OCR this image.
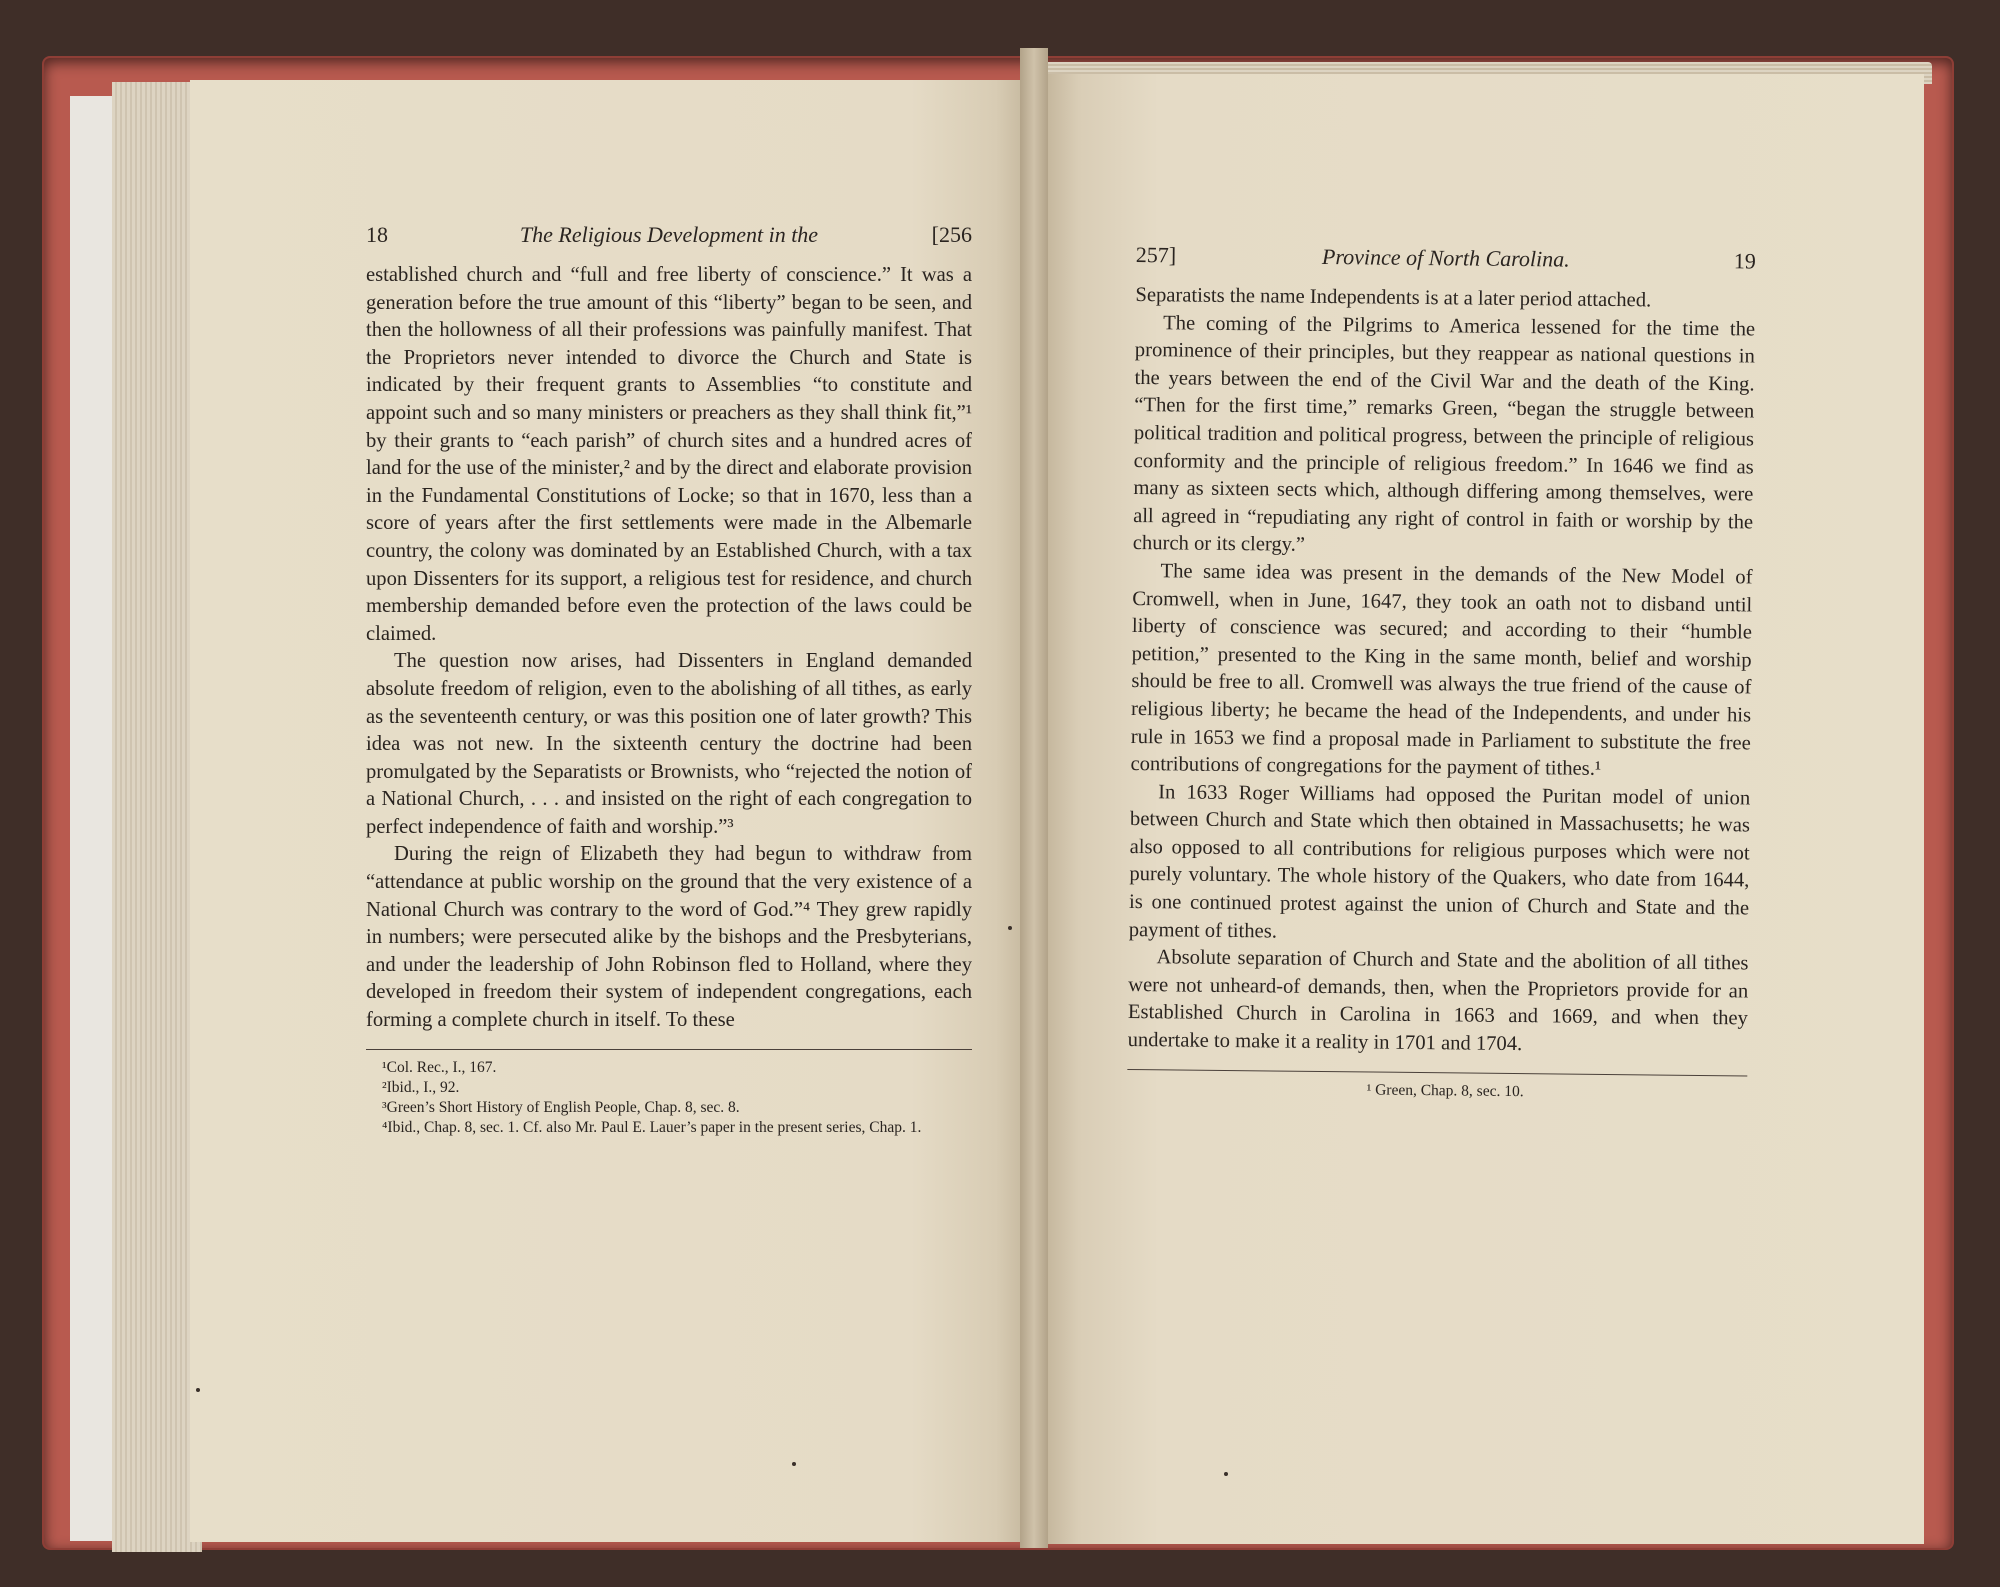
18	The Religious Development in the	[256

established church and “full and free liberty of conscience.” It was a generation before the true amount of this “liberty” began to be seen, and then the hollowness of all their professions was painfully manifest. That the Proprietors never intended to divorce the Church and State is indicated by their frequent grants to Assemblies “to constitute and appoint such and so many ministers or preachers as they shall think fit,”¹ by their grants to “each parish” of church sites and a hundred acres of land for the use of the minister,² and by the direct and elaborate provision in the Fundamental Constitutions of Locke; so that in 1670, less than a score of years after the first settlements were made in the Albemarle country, the colony was dominated by an Established Church, with a tax upon Dissenters for its support, a religious test for residence, and church membership demanded before even the protection of the laws could be claimed.

The question now arises, had Dissenters in England demanded absolute freedom of religion, even to the abolishing of all tithes, as early as the seventeenth century, or was this position one of later growth? This idea was not new. In the sixteenth century the doctrine had been promulgated by the Separatists or Brownists, who “rejected the notion of a National Church, . . . and insisted on the right of each congregation to perfect independence of faith and worship.”³

During the reign of Elizabeth they had begun to withdraw from “attendance at public worship on the ground that the very existence of a National Church was contrary to the word of God.”⁴ They grew rapidly in numbers; were persecuted alike by the bishops and the Presbyterians, and under the leadership of John Robinson fled to Holland, where they developed in freedom their system of independent congregations, each forming a complete church in itself. To these

¹Col. Rec., I., 167.
²Ibid., I., 92.
³Green’s Short History of English People, Chap. 8, sec. 8.
⁴Ibid., Chap. 8, sec. 1. Cf. also Mr. Paul E. Lauer’s paper in the present series, Chap. 1.
257]	Province of North Carolina.	19

Separatists the name Independents is at a later period attached.

The coming of the Pilgrims to America lessened for the time the prominence of their principles, but they reappear as national questions in the years between the end of the Civil War and the death of the King. “Then for the first time,” remarks Green, “began the struggle between political tradition and political progress, between the principle of religious conformity and the principle of religious freedom.” In 1646 we find as many as sixteen sects which, although differing among themselves, were all agreed in “repudiating any right of control in faith or worship by the church or its clergy.”

The same idea was present in the demands of the New Model of Cromwell, when in June, 1647, they took an oath not to disband until liberty of conscience was secured; and according to their “humble petition,” presented to the King in the same month, belief and worship should be free to all. Cromwell was always the true friend of the cause of religious liberty; he became the head of the Independents, and under his rule in 1653 we find a proposal made in Parliament to substitute the free contributions of congregations for the payment of tithes.¹

In 1633 Roger Williams had opposed the Puritan model of union between Church and State which then obtained in Massachusetts; he was also opposed to all contributions for religious purposes which were not purely voluntary. The whole history of the Quakers, who date from 1644, is one continued protest against the union of Church and State and the payment of tithes.

Absolute separation of Church and State and the abolition of all tithes were not unheard-of demands, then, when the Proprietors provide for an Established Church in Carolina in 1663 and 1669, and when they undertake to make it a reality in 1701 and 1704.

¹ Green, Chap. 8, sec. 10.
